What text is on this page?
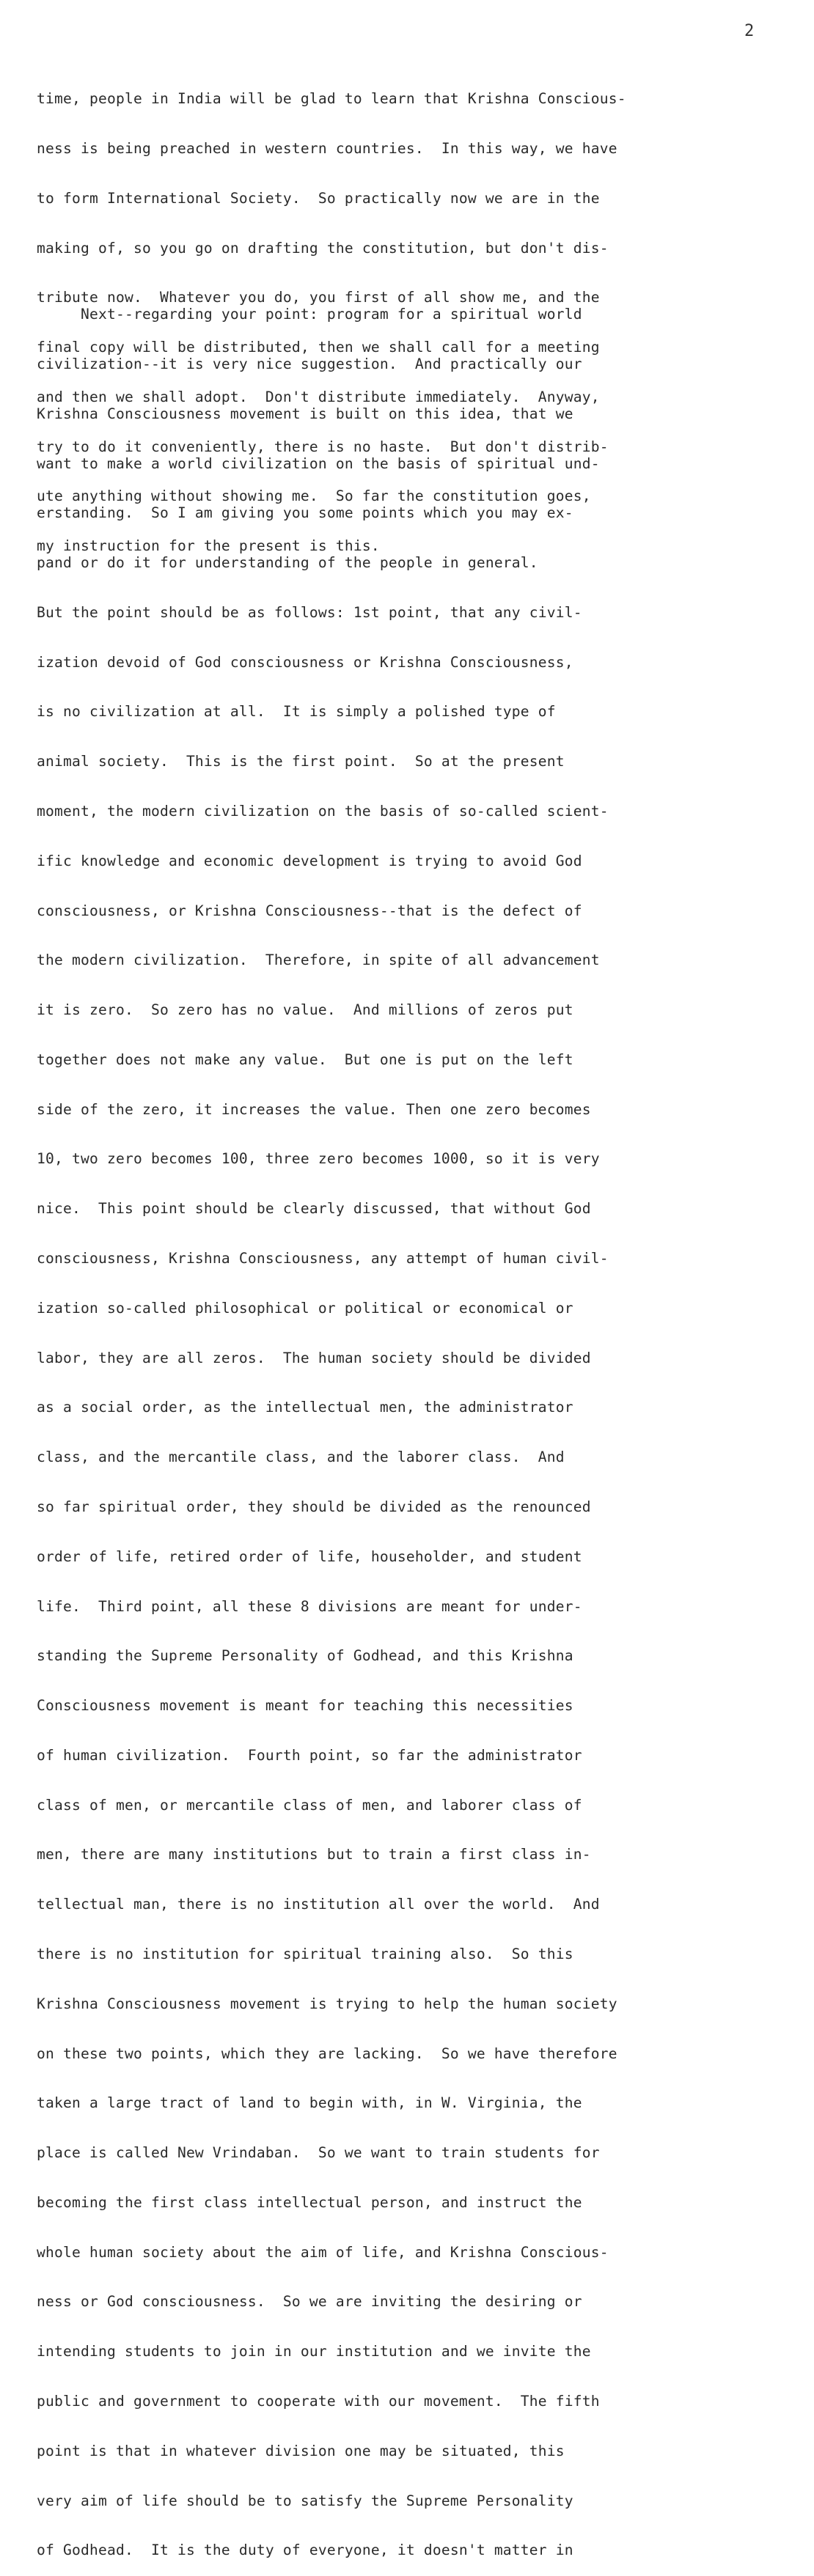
2

time, people in India will be glad to learn that Krishna Conscious-

ness is being preached in western countries.  In this way, we have

to form International Society.  So practically now we are in the

making of, so you go on drafting the constitution, but don't dis-

tribute now.  Whatever you do, you first of all show me, and the

final copy will be distributed, then we shall call for a meeting

and then we shall adopt.  Don't distribute immediately.  Anyway,

try to do it conveniently, there is no haste.  But don't distrib-

ute anything without showing me.  So far the constitution goes,

my instruction for the present is this.

Next--regarding your point: program for a spiritual world

civilization--it is very nice suggestion.  And practically our

Krishna Consciousness movement is built on this idea, that we

want to make a world civilization on the basis of spiritual und-

erstanding.  So I am giving you some points which you may ex-

pand or do it for understanding of the people in general.

But the point should be as follows: 1st point, that any civil-

ization devoid of God consciousness or Krishna Consciousness,

is no civilization at all.  It is simply a polished type of

animal society.  This is the first point.  So at the present

moment, the modern civilization on the basis of so-called scient-

ific knowledge and economic development is trying to avoid God

consciousness, or Krishna Consciousness--that is the defect of

the modern civilization.  Therefore, in spite of all advancement

it is zero.  So zero has no value.  And millions of zeros put

together does not make any value.  But one is put on the left

side of the zero, it increases the value. Then one zero becomes

10, two zero becomes 100, three zero becomes 1000, so it is very

nice.  This point should be clearly discussed, that without God

consciousness, Krishna Consciousness, any attempt of human civil-

ization so-called philosophical or political or economical or

labor, they are all zeros.  The human society should be divided

as a social order, as the intellectual men, the administrator

class, and the mercantile class, and the laborer class.  And

so far spiritual order, they should be divided as the renounced

order of life, retired order of life, householder, and student

life.  Third point, all these 8 divisions are meant for under-

standing the Supreme Personality of Godhead, and this Krishna

Consciousness movement is meant for teaching this necessities

of human civilization.  Fourth point, so far the administrator

class of men, or mercantile class of men, and laborer class of

men, there are many institutions but to train a first class in-

tellectual man, there is no institution all over the world.  And

there is no institution for spiritual training also.  So this

Krishna Consciousness movement is trying to help the human society

on these two points, which they are lacking.  So we have therefore

taken a large tract of land to begin with, in W. Virginia, the

place is called New Vrindaban.  So we want to train students for

becoming the first class intellectual person, and instruct the

whole human society about the aim of life, and Krishna Conscious-

ness or God consciousness.  So we are inviting the desiring or

intending students to join in our institution and we invite the

public and government to cooperate with our movement.  The fifth

point is that in whatever division one may be situated, this

very aim of life should be to satisfy the Supreme Personality

of Godhead.  It is the duty of everyone, it doesn't matter in
